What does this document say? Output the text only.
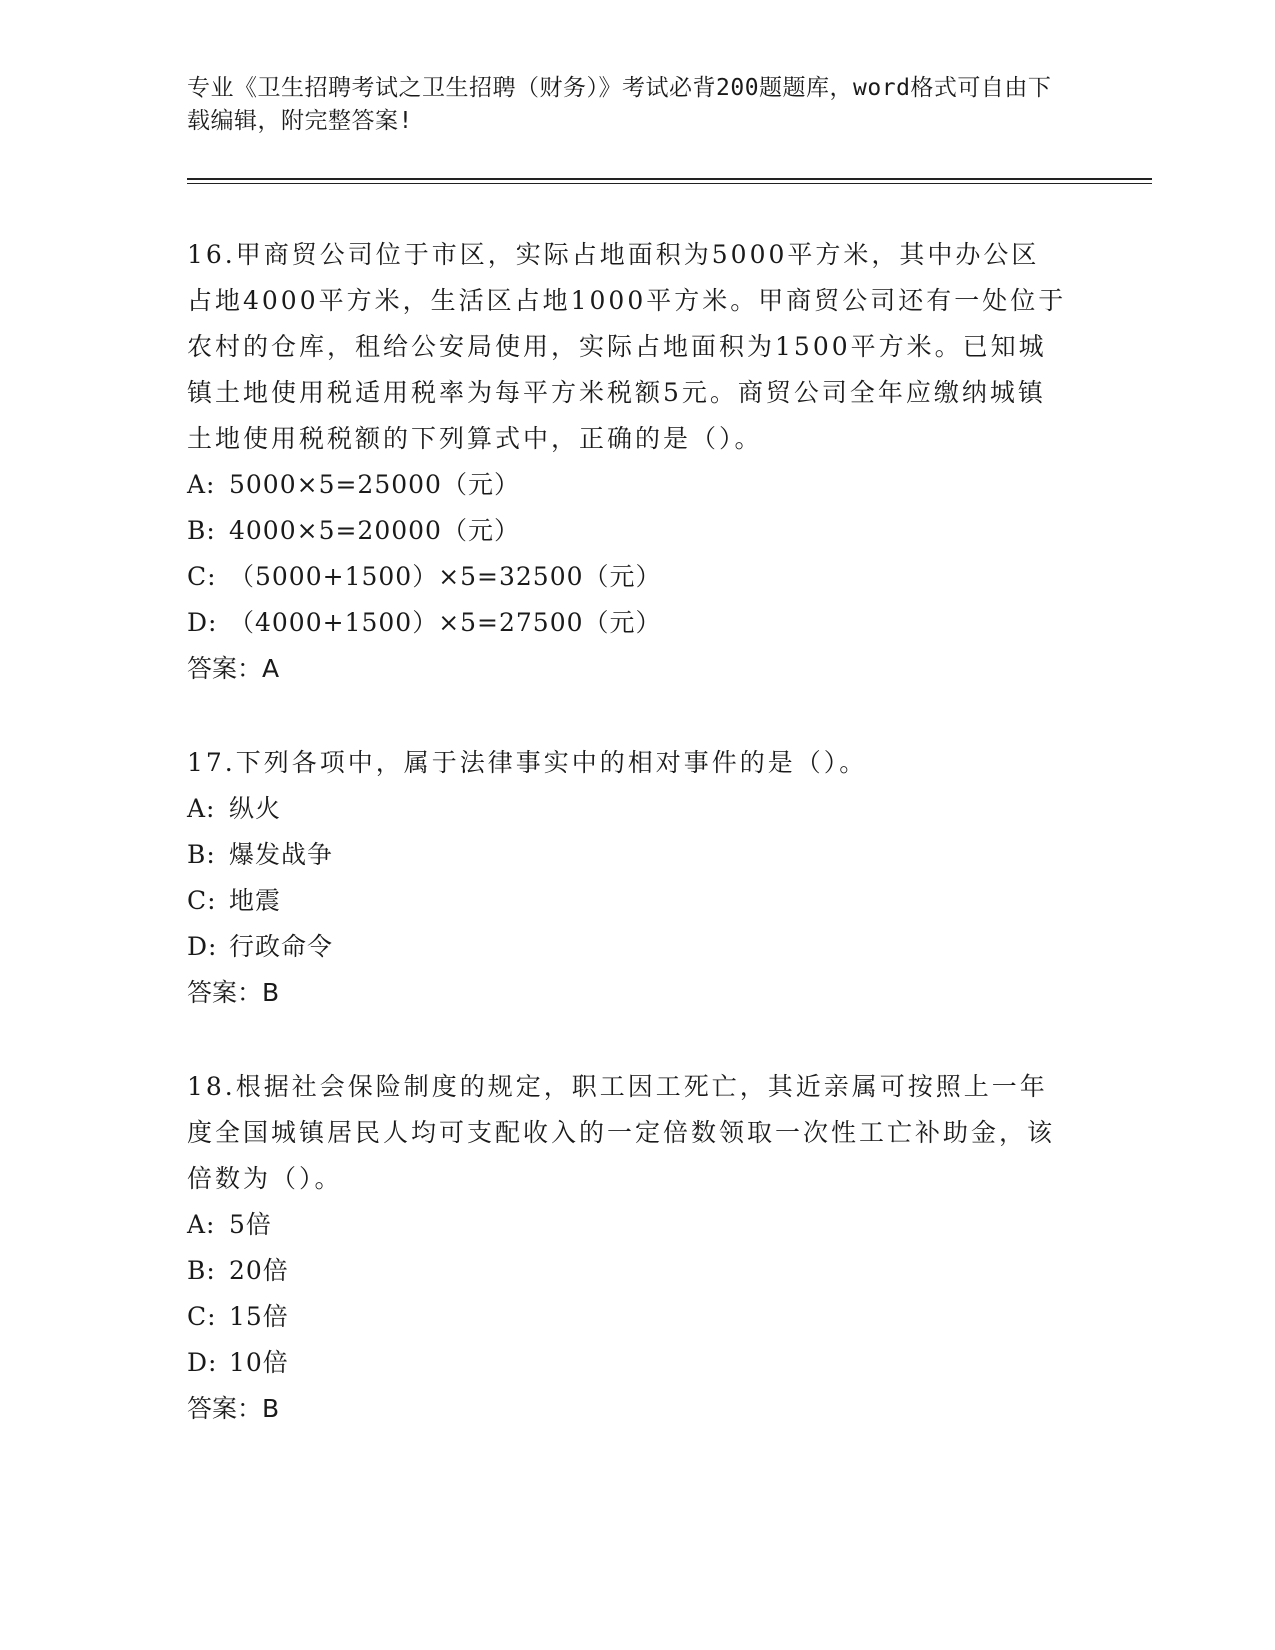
专业《卫生招聘考试之卫生招聘（财务）》考试必背200题题库，word格式可自由下载编辑，附完整答案!

16.甲商贸公司位于市区，实际占地面积为5000平方米，其中办公区占地4000平方米，生活区占地1000平方米。甲商贸公司还有一处位于农村的仓库，租给公安局使用，实际占地面积为1500平方米。已知城镇土地使用税适用税率为每平方米税额5元。商贸公司全年应缴纳城镇土地使用税税额的下列算式中，正确的是（）。

A: 5000×5=25000（元）

B: 4000×5=20000（元）

C: （5000+1500）×5=32500（元）

D: （4000+1500）×5=27500（元）

答案：A

17.下列各项中，属于法律事实中的相对事件的是（）。

A: 纵火

B: 爆发战争

C: 地震

D: 行政命令

答案：B

18.根据社会保险制度的规定，职工因工死亡，其近亲属可按照上一年度全国城镇居民人均可支配收入的一定倍数领取一次性工亡补助金，该倍数为（）。

A: 5倍

B: 20倍

C: 15倍

D: 10倍

答案：B
